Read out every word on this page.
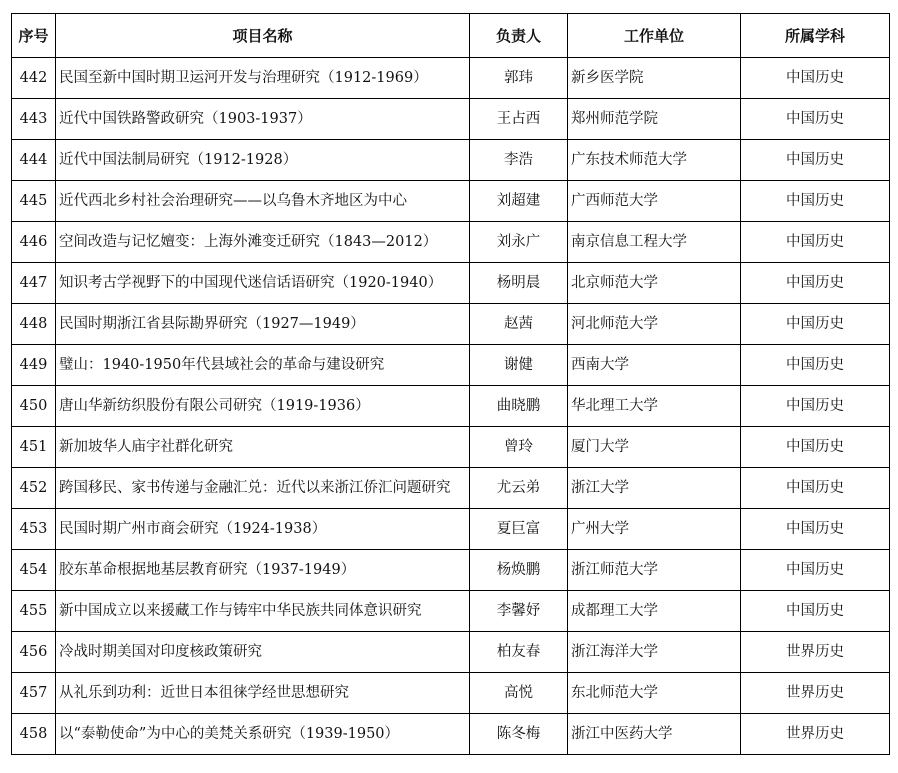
序号	项目名称	负责人	工作单位	所属学科
442	民国至新中国时期卫运河开发与治理研究（1912-1969）	郭玮	新乡医学院	中国历史
443	近代中国铁路警政研究（1903-1937）	王占西	郑州师范学院	中国历史
444	近代中国法制局研究（1912-1928）	李浩	广东技术师范大学	中国历史
445	近代西北乡村社会治理研究——以乌鲁木齐地区为中心	刘超建	广西师范大学	中国历史
446	空间改造与记忆嬗变：上海外滩变迁研究（1843—2012）	刘永广	南京信息工程大学	中国历史
447	知识考古学视野下的中国现代迷信话语研究（1920-1940）	杨明晨	北京师范大学	中国历史
448	民国时期浙江省县际勘界研究（1927—1949）	赵茜	河北师范大学	中国历史
449	璧山：1940-1950年代县域社会的革命与建设研究	谢健	西南大学	中国历史
450	唐山华新纺织股份有限公司研究（1919-1936）	曲晓鹏	华北理工大学	中国历史
451	新加坡华人庙宇社群化研究	曾玲	厦门大学	中国历史
452	跨国移民、家书传递与金融汇兑：近代以来浙江侨汇问题研究	尤云弟	浙江大学	中国历史
453	民国时期广州市商会研究（1924-1938）	夏巨富	广州大学	中国历史
454	胶东革命根据地基层教育研究（1937-1949）	杨焕鹏	浙江师范大学	中国历史
455	新中国成立以来援藏工作与铸牢中华民族共同体意识研究	李馨妤	成都理工大学	中国历史
456	冷战时期美国对印度核政策研究	柏友春	浙江海洋大学	世界历史
457	从礼乐到功利：近世日本徂徕学经世思想研究	高悦	东北师范大学	世界历史
458	以“泰勒使命”为中心的美梵关系研究（1939-1950）	陈冬梅	浙江中医药大学	世界历史
